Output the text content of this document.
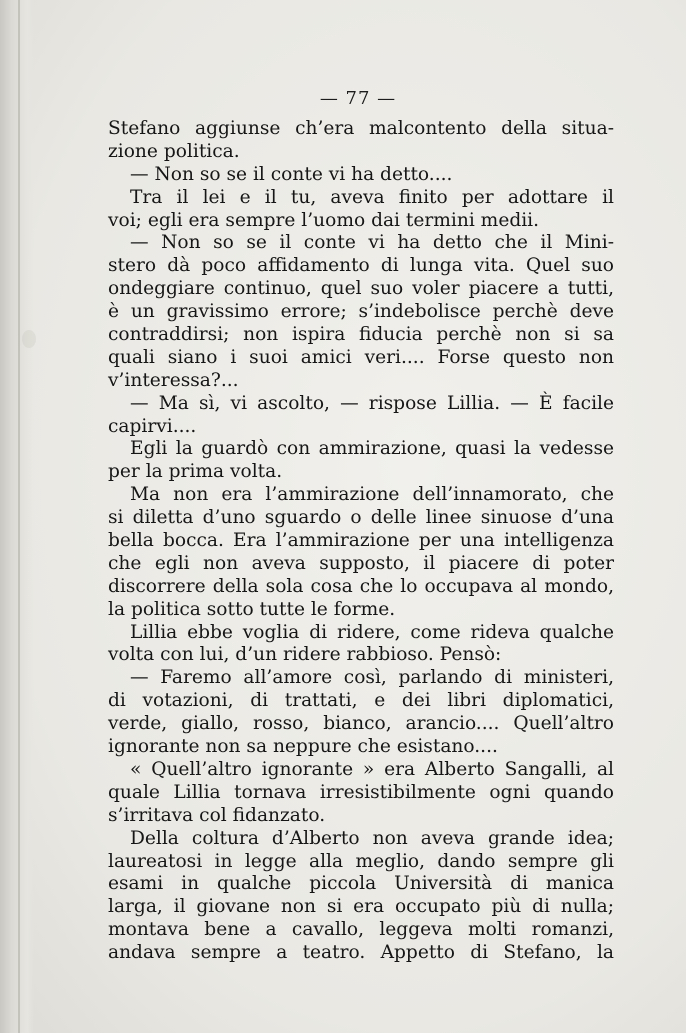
— 77 —
Stefano aggiunse ch’era malcontento della situa-
zione politica.
— Non so se il conte vi ha detto....
Tra il lei e il tu, aveva finito per adottare il
voi; egli era sempre l’uomo dai termini medii.
— Non so se il conte vi ha detto che il Mini-
stero dà poco affidamento di lunga vita. Quel suo
ondeggiare continuo, quel suo voler piacere a tutti,
è un gravissimo errore; s’indebolisce perchè deve
contraddirsi; non ispira fiducia perchè non si sa
quali siano i suoi amici veri.... Forse questo non
v’interessa?...
— Ma sì, vi ascolto, — rispose Lillia. — È facile
capirvi....
Egli la guardò con ammirazione, quasi la vedesse
per la prima volta.
Ma non era l’ammirazione dell’innamorato, che
si diletta d’uno sguardo o delle linee sinuose d’una
bella bocca. Era l’ammirazione per una intelligenza
che egli non aveva supposto, il piacere di poter
discorrere della sola cosa che lo occupava al mondo,
la politica sotto tutte le forme.
Lillia ebbe voglia di ridere, come rideva qualche
volta con lui, d’un ridere rabbioso. Pensò:
— Faremo all’amore così, parlando di ministeri,
di votazioni, di trattati, e dei libri diplomatici,
verde, giallo, rosso, bianco, arancio.... Quell’altro
ignorante non sa neppure che esistano....
« Quell’altro ignorante » era Alberto Sangalli, al
quale Lillia tornava irresistibilmente ogni quando
s’irritava col fidanzato.
Della coltura d’Alberto non aveva grande idea;
laureatosi in legge alla meglio, dando sempre gli
esami in qualche piccola Università di manica
larga, il giovane non si era occupato più di nulla;
montava bene a cavallo, leggeva molti romanzi,
andava sempre a teatro. Appetto di Stefano, la
